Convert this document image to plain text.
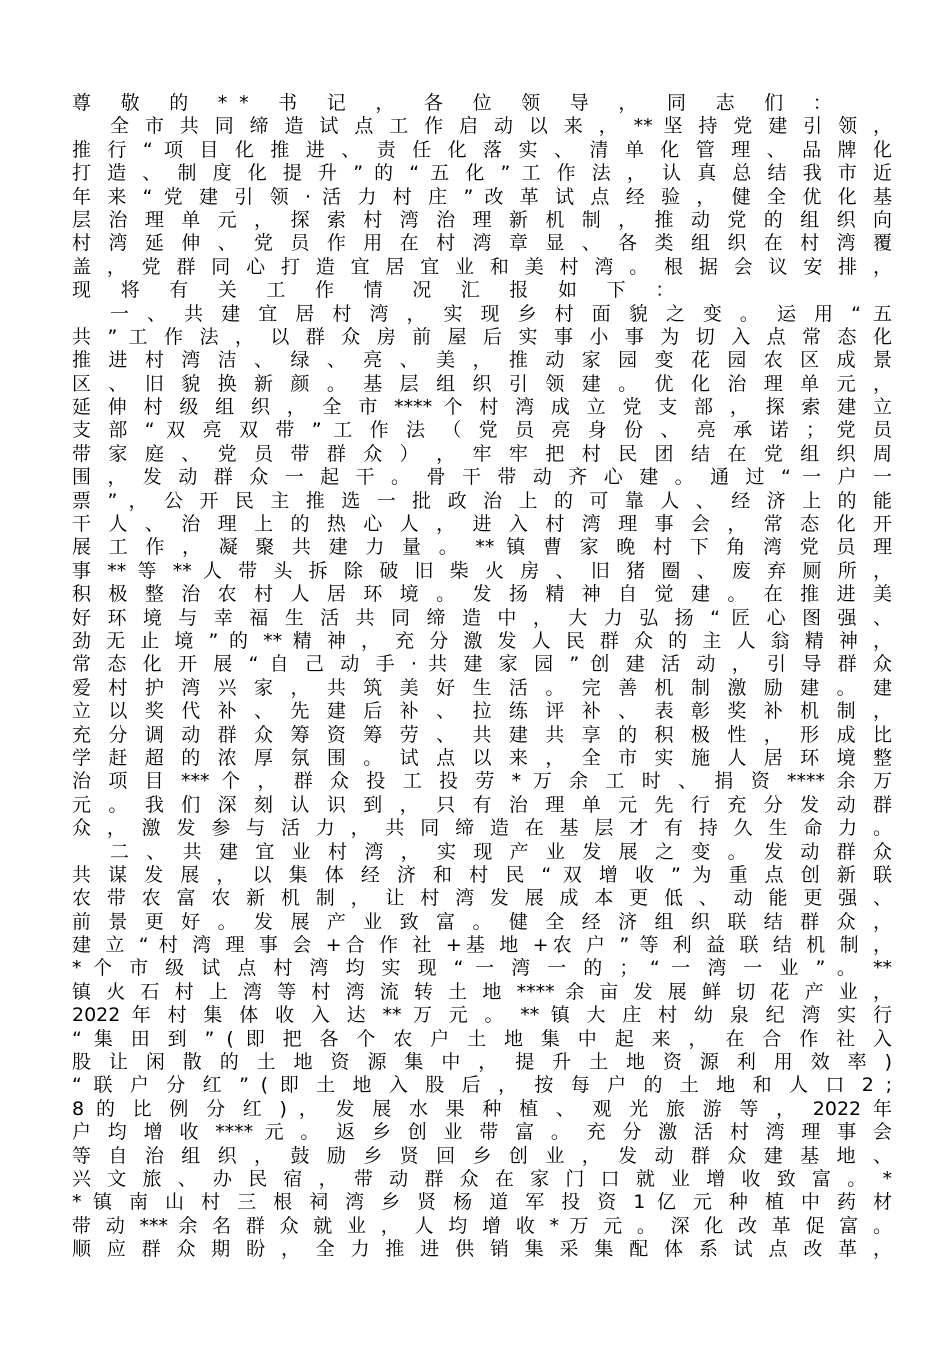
尊 敬 的 ** 书 记 ， 各 位 领 导 ， 同 志 们 ：
全 市 共 同 缔 造 试 点 工 作 启 动 以 来 ， ** 坚 持 党 建 引 领 ，
推 行 “ 项 目 化 推 进 、 责 任 化 落 实 、 清 单 化 管 理 、 品 牌 化
打 造 、 制 度 化 提 升 ” 的 “ 五 化 ” 工 作 法 ， 认 真 总 结 我 市 近
年 来 “ 党 建 引 领 · 活 力 村 庄 ” 改 革 试 点 经 验 ， 健 全 优 化 基
层 治 理 单 元 ， 探 索 村 湾 治 理 新 机 制 ， 推 动 党 的 组 织 向
村 湾 延 伸 、 党 员 作 用 在 村 湾 章 显 、 各 类 组 织 在 村 湾 覆
盖 ， 党 群 同 心 打 造 宜 居 宜 业 和 美 村 湾 。 根 据 会 议 安 排 ，
现 将 有 关 工 作 情 况 汇 报 如 下 ：
一 、 共 建 宜 居 村 湾 ， 实 现 乡 村 面 貌 之 变 。 运 用 “ 五
共 ” 工 作 法 ， 以 群 众 房 前 屋 后 实 事 小 事 为 切 入 点 常 态 化
推 进 村 湾 洁 、 绿 、 亮 、 美 ， 推 动 家 园 变 花 园 农 区 成 景
区 、 旧 貌 换 新 颜 。 基 层 组 织 引 领 建 。 优 化 治 理 单 元 ，
延 伸 村 级 组 织 ， 全 市 **** 个 村 湾 成 立 党 支 部 ， 探 索 建 立
支 部 “ 双 亮 双 带 ” 工 作 法 （ 党 员 亮 身 份 、 亮 承 诺 ； 党 员
带 家 庭 、 党 员 带 群 众 ） ， 牢 牢 把 村 民 团 结 在 党 组 织 周
围 ， 发 动 群 众 一 起 干 。 骨 干 带 动 齐 心 建 。 通 过 “ 一 户 一
票 ” ， 公 开 民 主 推 选 一 批 政 治 上 的 可 靠 人 、 经 济 上 的 能
干 人 、 治 理 上 的 热 心 人 ， 进 入 村 湾 理 事 会 ， 常 态 化 开
展 工 作 ， 凝 聚 共 建 力 量 。 ** 镇 曹 家 晚 村 下 角 湾 党 员 理
事 ** 等 ** 人 带 头 拆 除 破 旧 柴 火 房 、 旧 猪 圈 、 废 弃 厕 所 ，
积 极 整 治 农 村 人 居 环 境 。 发 扬 精 神 自 觉 建 。 在 推 进 美
好 环 境 与 幸 福 生 活 共 同 缔 造 中 ， 大 力 弘 扬 “ 匠 心 图 强 、
劲 无 止 境 ” 的 ** 精 神 ， 充 分 激 发 人 民 群 众 的 主 人 翁 精 神 ，
常 态 化 开 展 “ 自 己 动 手 · 共 建 家 园 ” 创 建 活 动 ， 引 导 群 众
爱 村 护 湾 兴 家 ， 共 筑 美 好 生 活 。 完 善 机 制 激 励 建 。 建
立 以 奖 代 补 、 先 建 后 补 、 拉 练 评 补 、 表 彰 奖 补 机 制 ，
充 分 调 动 群 众 筹 资 筹 劳 、 共 建 共 享 的 积 极 性 ， 形 成 比
学 赶 超 的 浓 厚 氛 围 。 试 点 以 来 ， 全 市 实 施 人 居 环 境 整
治 项 目 *** 个 ， 群 众 投 工 投 劳 * 万 余 工 时 、 捐 资 **** 余 万
元 。 我 们 深 刻 认 识 到 ， 只 有 治 理 单 元 先 行 充 分 发 动 群
众 ， 激 发 参 与 活 力 ， 共 同 缔 造 在 基 层 才 有 持 久 生 命 力 。
二 、 共 建 宜 业 村 湾 ， 实 现 产 业 发 展 之 变 。 发 动 群 众
共 谋 发 展 ， 以 集 体 经 济 和 村 民 “ 双 增 收 ” 为 重 点 创 新 联
农 带 农 富 农 新 机 制 ， 让 村 湾 发 展 成 本 更 低 、 动 能 更 强 、
前 景 更 好 。 发 展 产 业 致 富 。 健 全 经 济 组 织 联 结 群 众 ，
建 立 “ 村 湾 理 事 会 +合 作 社 +基 地 +农 户 ” 等 利 益 联 结 机 制 ，
* 个 市 级 试 点 村 湾 均 实 现 “ 一 湾 一 的 ； “ 一 湾 一 业 ” 。 **
镇 火 石 村 上 湾 等 村 湾 流 转 土 地 **** 余 亩 发 展 鲜 切 花 产 业 ，
2022 年 村 集 体 收 入 达 ** 万 元 。 ** 镇 大 庄 村 幼 泉 纪 湾 实 行
“ 集 田 到 ” ( 即 把 各 个 农 户 土 地 集 中 起 来 ， 在 合 作 社 入
股 让 闲 散 的 土 地 资 源 集 中 ， 提 升 土 地 资 源 利 用 效 率 )
“ 联 户 分 红 ” ( 即 土 地 入 股 后 ， 按 每 户 的 土 地 和 人 口 2 ;
8 的 比 例 分 红 ) ， 发 展 水 果 种 植 、 观 光 旅 游 等 ， 2022 年
户 均 增 收 **** 元 。 返 乡 创 业 带 富 。 充 分 激 活 村 湾 理 事 会
等 自 治 组 织 ， 鼓 励 乡 贤 回 乡 创 业 ， 发 动 群 众 建 基 地 、
兴 文 旅 、 办 民 宿 ， 带 动 群 众 在 家 门 口 就 业 增 收 致 富 。 *
* 镇 南 山 村 三 根 祠 湾 乡 贤 杨 道 军 投 资 1 亿 元 种 植 中 药 材
带 动 *** 余 名 群 众 就 业 ， 人 均 增 收 * 万 元 。 深 化 改 革 促 富 。
顺 应 群 众 期 盼 ， 全 力 推 进 供 销 集 采 集 配 体 系 试 点 改 革 ，
